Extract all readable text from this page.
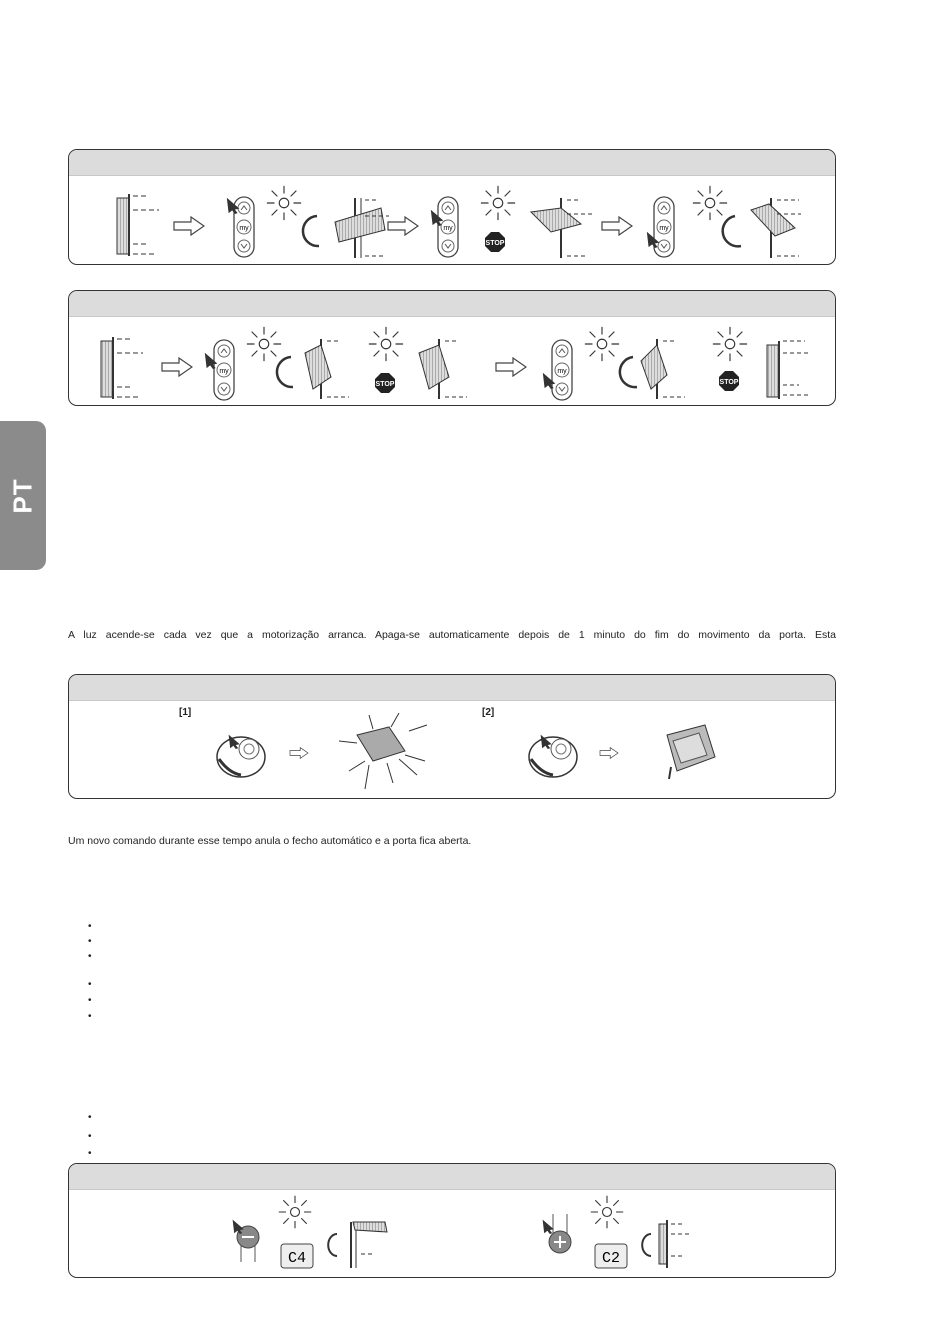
PT
STOP
STOP	STOP
A luz acende-se cada vez que a motorização arranca. Apaga-se automaticamente depois de 1 minuto do fim do movimento da porta. Esta
[1]	[2]
Um novo comando durante esse tempo anula o fecho automático e a porta fica aberta.
•
•
•
•
•
•
•
•
•
C4	C2
